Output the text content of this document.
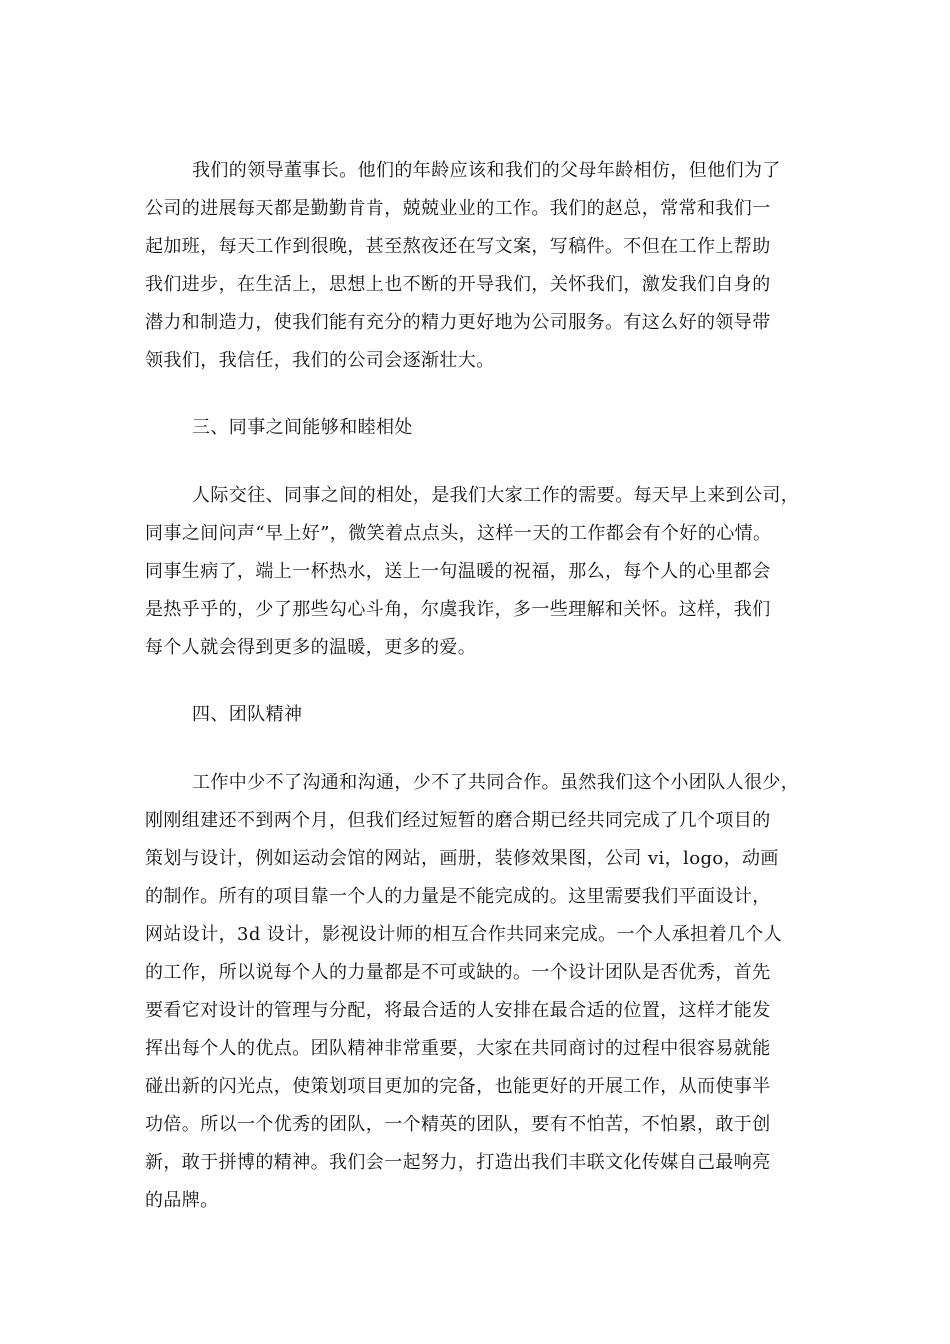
我们的领导董事长。他们的年龄应该和我们的父母年龄相仿，但他们为了
公司的进展每天都是勤勤肯肯，兢兢业业的工作。我们的赵总，常常和我们一
起加班，每天工作到很晚，甚至熬夜还在写文案，写稿件。不但在工作上帮助
我们进步，在生活上，思想上也不断的开导我们，关怀我们，激发我们自身的
潜力和制造力，使我们能有充分的精力更好地为公司服务。有这么好的领导带
领我们，我信任，我们的公司会逐渐壮大。
三、同事之间能够和睦相处
人际交往、同事之间的相处，是我们大家工作的需要。每天早上来到公司，
同事之间问声“早上好”，微笑着点点头，这样一天的工作都会有个好的心情。
同事生病了，端上一杯热水，送上一句温暖的祝福，那么，每个人的心里都会
是热乎乎的，少了那些勾心斗角，尔虞我诈，多一些理解和关怀。这样，我们
每个人就会得到更多的温暖，更多的爱。
四、团队精神
工作中少不了沟通和沟通，少不了共同合作。虽然我们这个小团队人很少，
刚刚组建还不到两个月，但我们经过短暂的磨合期已经共同完成了几个项目的
策划与设计，例如运动会馆的网站，画册，装修效果图，公司 vi，logo，动画
的制作。所有的项目靠一个人的力量是不能完成的。这里需要我们平面设计，
网站设计，3d 设计，影视设计师的相互合作共同来完成。一个人承担着几个人
的工作，所以说每个人的力量都是不可或缺的。一个设计团队是否优秀，首先
要看它对设计的管理与分配，将最合适的人安排在最合适的位置，这样才能发
挥出每个人的优点。团队精神非常重要，大家在共同商讨的过程中很容易就能
碰出新的闪光点，使策划项目更加的完备，也能更好的开展工作，从而使事半
功倍。所以一个优秀的团队，一个精英的团队，要有不怕苦，不怕累，敢于创
新，敢于拼博的精神。我们会一起努力，打造出我们丰联文化传媒自己最响亮
的品牌。
